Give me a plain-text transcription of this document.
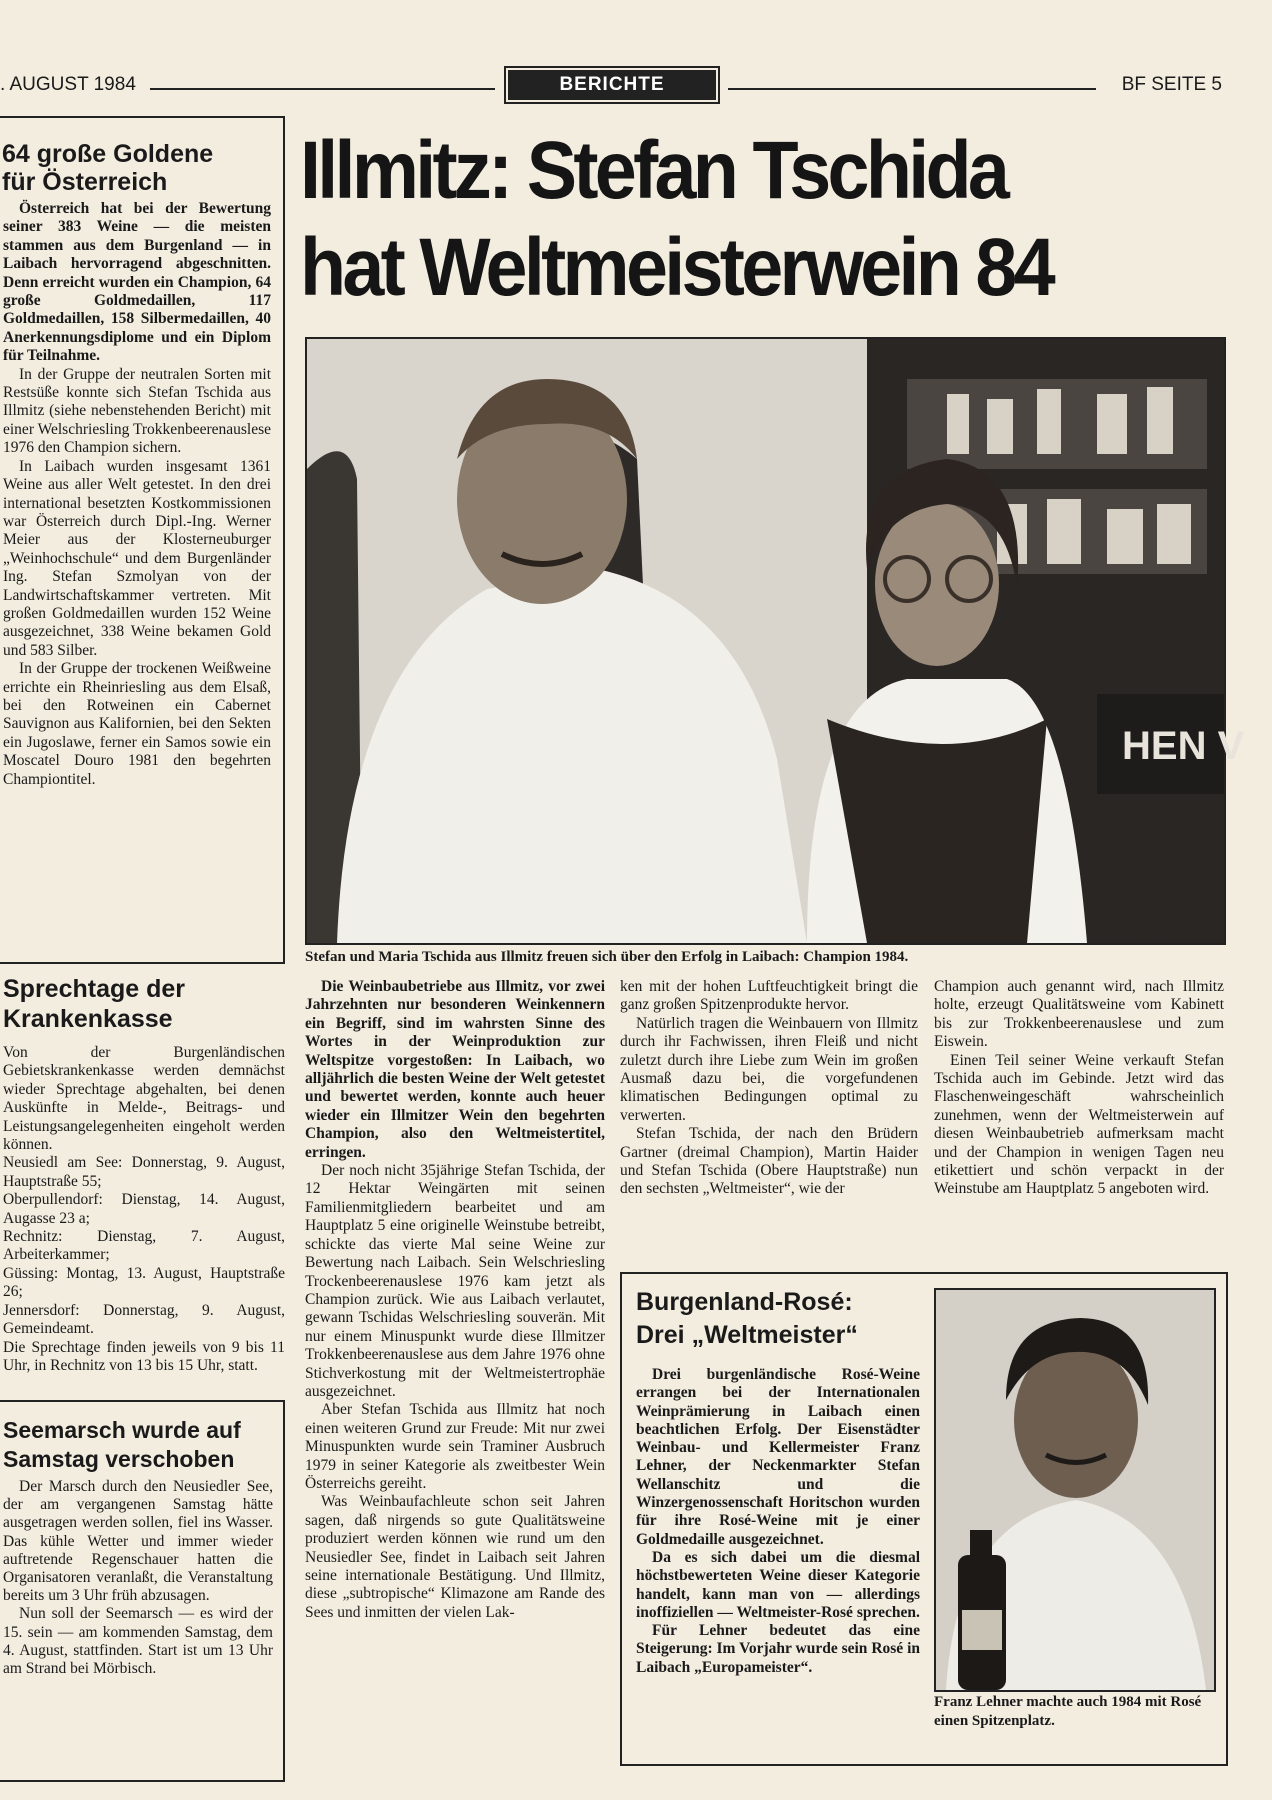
. AUGUST 1984	BERICHTE	BF SEITE 5
64 große Goldene
für Österreich

Österreich hat bei der Bewertung seiner 383 Weine — die meisten stammen aus dem Burgenland — in Laibach hervorragend abgeschnitten. Denn erreicht wurden ein Champion, 64 große Goldmedaillen, 117 Goldmedaillen, 158 Silbermedaillen, 40 Anerkennungsdiplome und ein Diplom für Teilnahme.

In der Gruppe der neutralen Sorten mit Restsüße konnte sich Stefan Tschida aus Illmitz (siehe nebenstehenden Bericht) mit einer Welschriesling Trokkenbeerenauslese 1976 den Champion sichern.

In Laibach wurden insgesamt 1361 Weine aus aller Welt getestet. In den drei international besetzten Kostkommissionen war Österreich durch Dipl.-Ing. Werner Meier aus der Klosterneuburger „Weinhochschule“ und dem Burgenländer Ing. Stefan Szmolyan von der Landwirtschaftskammer vertreten. Mit großen Goldmedaillen wurden 152 Weine ausgezeichnet, 338 Weine bekamen Gold und 583 Silber.

In der Gruppe der trockenen Weißweine errichte ein Rheinriesling aus dem Elsaß, bei den Rotweinen ein Cabernet Sauvignon aus Kalifornien, bei den Sekten ein Jugoslawe, ferner ein Samos sowie ein Moscatel Douro 1981 den begehrten Championtitel.

Sprechtage der
Krankenkasse

Von der Burgenländischen Gebietskrankenkasse werden demnächst wieder Sprechtage abgehalten, bei denen Auskünfte in Melde-, Beitrags- und Leistungsangelegenheiten eingeholt werden können.

Neusiedl am See: Donnerstag, 9. August, Hauptstraße 55;

Oberpullendorf: Dienstag, 14. August, Augasse 23 a;

Rechnitz: Dienstag, 7. August, Arbeiterkammer;

Güssing: Montag, 13. August, Hauptstraße 26;

Jennersdorf: Donnerstag, 9. August, Gemeindeamt.

Die Sprechtage finden jeweils von 9 bis 11 Uhr, in Rechnitz von 13 bis 15 Uhr, statt.

Seemarsch wurde auf
Samstag verschoben

Der Marsch durch den Neusiedler See, der am vergangenen Samstag hätte ausgetragen werden sollen, fiel ins Wasser. Das kühle Wetter und immer wieder auftretende Regenschauer hatten die Organisatoren veranlaßt, die Veranstaltung bereits um 3 Uhr früh abzusagen.

Nun soll der Seemarsch — es wird der 15. sein — am kommenden Samstag, dem 4. August, stattfinden. Start ist um 13 Uhr am Strand bei Mörbisch.

Illmitz: Stefan Tschida
hat Weltmeisterwein 84
HEN V
AUS
Stefan und Maria Tschida aus Illmitz freuen sich über den Erfolg in Laibach: Champion 1984.

Die Weinbaubetriebe aus Illmitz, vor zwei Jahrzehnten nur besonderen Weinkennern ein Begriff, sind im wahrsten Sinne des Wortes in der Weinproduktion zur Weltspitze vorgestoßen: In Laibach, wo alljährlich die besten Weine der Welt getestet und bewertet werden, konnte auch heuer wieder ein Illmitzer Wein den begehrten Champion, also den Weltmeistertitel, erringen.

Der noch nicht 35jährige Stefan Tschida, der 12 Hektar Weingärten mit seinen Familienmitgliedern bearbeitet und am Hauptplatz 5 eine originelle Weinstube betreibt, schickte das vierte Mal seine Weine zur Bewertung nach Laibach. Sein Welschriesling Trockenbeerenauslese 1976 kam jetzt als Champion zurück. Wie aus Laibach verlautet, gewann Tschidas Welschriesling souverän. Mit nur einem Minuspunkt wurde diese Illmitzer Trokkenbeerenauslese aus dem Jahre 1976 ohne Stichverkostung mit der Weltmeistertrophäe ausgezeichnet.

Aber Stefan Tschida aus Illmitz hat noch einen weiteren Grund zur Freude: Mit nur zwei Minuspunkten wurde sein Traminer Ausbruch 1979 in seiner Kategorie als zweitbester Wein Österreichs gereiht.

Was Weinbaufachleute schon seit Jahren sagen, daß nirgends so gute Qualitätsweine produziert werden können wie rund um den Neusiedler See, findet in Laibach seit Jahren seine internationale Bestätigung. Und Illmitz, diese „subtropische“ Klimazone am Rande des Sees und inmitten der vielen Lak-

ken mit der hohen Luftfeuchtigkeit bringt die ganz großen Spitzenprodukte hervor.

Natürlich tragen die Weinbauern von Illmitz durch ihr Fachwissen, ihren Fleiß und nicht zuletzt durch ihre Liebe zum Wein im großen Ausmaß dazu bei, die vorgefundenen klimatischen Bedingungen optimal zu verwerten.

Stefan Tschida, der nach den Brüdern Gartner (dreimal Champion), Martin Haider und Stefan Tschida (Obere Hauptstraße) nun den sechsten „Weltmeister“, wie der

Champion auch genannt wird, nach Illmitz holte, erzeugt Qualitätsweine vom Kabinett bis zur Trokkenbeerenauslese und zum Eiswein.

Einen Teil seiner Weine verkauft Stefan Tschida auch im Gebinde. Jetzt wird das Flaschenweingeschäft wahrscheinlich zunehmen, wenn der Weltmeisterwein auf diesen Weinbaubetrieb aufmerksam macht und der Champion in wenigen Tagen neu etikettiert und schön verpackt in der Weinstube am Hauptplatz 5 angeboten wird.

Burgenland-Rosé:
Drei „Weltmeister“

Drei burgenländische Rosé-Weine errangen bei der Internationalen Weinprämierung in Laibach einen beachtlichen Erfolg. Der Eisenstädter Weinbau- und Kellermeister Franz Lehner, der Neckenmarkter Stefan Wellanschitz und die Winzergenossenschaft Horitschon wurden für ihre Rosé-Weine mit je einer Goldmedaille ausgezeichnet.

Da es sich dabei um die diesmal höchstbewerteten Weine dieser Kategorie handelt, kann man von — allerdings inoffiziellen — Weltmeister-Rosé sprechen.

Für Lehner bedeutet das eine Steigerung: Im Vorjahr wurde sein Rosé in Laibach „Europameister“.

Franz Lehner machte auch 1984 mit Rosé einen Spitzenplatz.
